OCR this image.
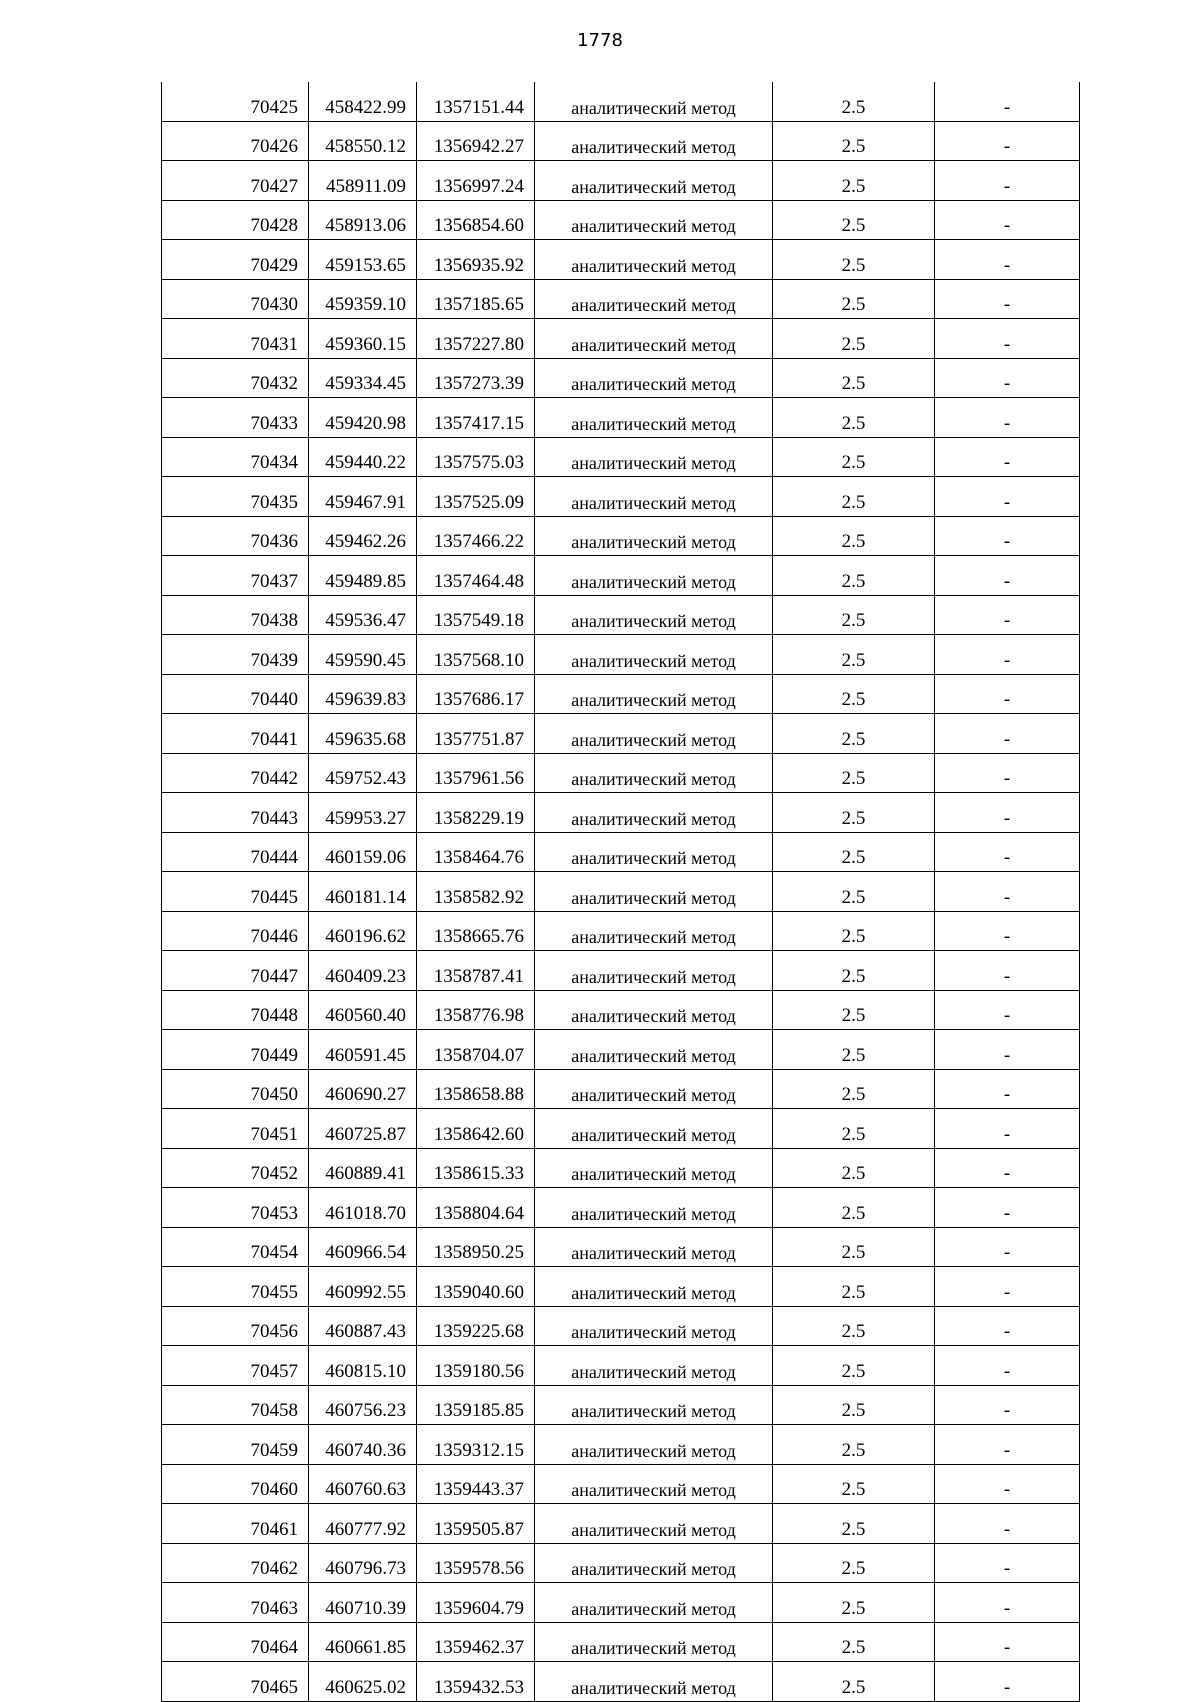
1778
70425	458422.99	1357151.44	аналитический метод	2.5	-
70426	458550.12	1356942.27	аналитический метод	2.5	-
70427	458911.09	1356997.24	аналитический метод	2.5	-
70428	458913.06	1356854.60	аналитический метод	2.5	-
70429	459153.65	1356935.92	аналитический метод	2.5	-
70430	459359.10	1357185.65	аналитический метод	2.5	-
70431	459360.15	1357227.80	аналитический метод	2.5	-
70432	459334.45	1357273.39	аналитический метод	2.5	-
70433	459420.98	1357417.15	аналитический метод	2.5	-
70434	459440.22	1357575.03	аналитический метод	2.5	-
70435	459467.91	1357525.09	аналитический метод	2.5	-
70436	459462.26	1357466.22	аналитический метод	2.5	-
70437	459489.85	1357464.48	аналитический метод	2.5	-
70438	459536.47	1357549.18	аналитический метод	2.5	-
70439	459590.45	1357568.10	аналитический метод	2.5	-
70440	459639.83	1357686.17	аналитический метод	2.5	-
70441	459635.68	1357751.87	аналитический метод	2.5	-
70442	459752.43	1357961.56	аналитический метод	2.5	-
70443	459953.27	1358229.19	аналитический метод	2.5	-
70444	460159.06	1358464.76	аналитический метод	2.5	-
70445	460181.14	1358582.92	аналитический метод	2.5	-
70446	460196.62	1358665.76	аналитический метод	2.5	-
70447	460409.23	1358787.41	аналитический метод	2.5	-
70448	460560.40	1358776.98	аналитический метод	2.5	-
70449	460591.45	1358704.07	аналитический метод	2.5	-
70450	460690.27	1358658.88	аналитический метод	2.5	-
70451	460725.87	1358642.60	аналитический метод	2.5	-
70452	460889.41	1358615.33	аналитический метод	2.5	-
70453	461018.70	1358804.64	аналитический метод	2.5	-
70454	460966.54	1358950.25	аналитический метод	2.5	-
70455	460992.55	1359040.60	аналитический метод	2.5	-
70456	460887.43	1359225.68	аналитический метод	2.5	-
70457	460815.10	1359180.56	аналитический метод	2.5	-
70458	460756.23	1359185.85	аналитический метод	2.5	-
70459	460740.36	1359312.15	аналитический метод	2.5	-
70460	460760.63	1359443.37	аналитический метод	2.5	-
70461	460777.92	1359505.87	аналитический метод	2.5	-
70462	460796.73	1359578.56	аналитический метод	2.5	-
70463	460710.39	1359604.79	аналитический метод	2.5	-
70464	460661.85	1359462.37	аналитический метод	2.5	-
70465	460625.02	1359432.53	аналитический метод	2.5	-
